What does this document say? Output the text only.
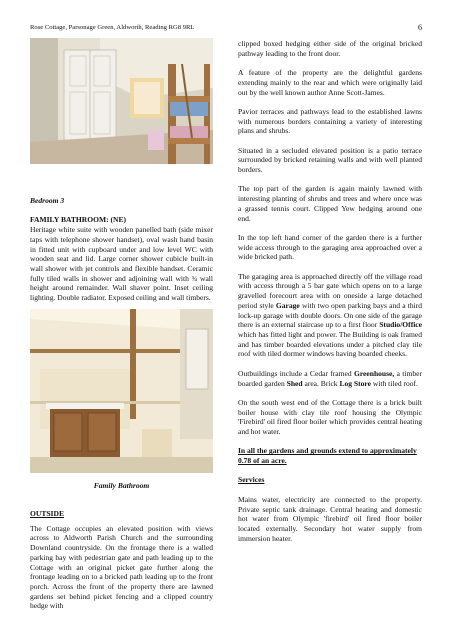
Rose Cottage, Parsonage Green, Aldworth, Reading RG8 9RL	6

Bedroom 3

FAMILY BATHROOM: (NE)

Heritage white suite with wooden panelled bath (side mixer taps with telephone shower handset), oval wash hand basin in fitted unit with cupboard under and low level WC with wooden seat and lid. Large corner shower cubicle built-in wall shower with jet controls and flexible handset. Ceramic fully tiled walls in shower and adjoining wall with ¾ wall height around remainder. Wall shaver point. Inset ceiling lighting. Double radiator. Exposed ceiling and wall timbers.

Family Bathroom

OUTSIDE

The Cottage occupies an elevated position with views across to Aldworth Parish Church and the surrounding Downland countryside. On the frontage there is a walled parking bay with pedestrian gate and path leading up to the Cottage with an original picket gate further along the frontage leading on to a bricked path leading up to the front porch. Across the front of the property there are lawned gardens set behind picket fencing and a clipped country hedge with

clipped boxed hedging either side of the original bricked pathway leading to the front door.

A feature of the property are the delightful gardens extending mainly to the rear and which were originally laid out by the well known author Anne Scott-James.

Pavior terraces and pathways lead to the established lawns with numerous borders containing a variety of interesting plans and shrubs.

Situated in a secluded elevated position is a patio terrace surrounded by bricked retaining walls and with well planted borders.

The top part of the garden is again mainly lawned with interesting planting of shrubs and trees and where once was a grassed tennis court. Clipped Yew hedging around one end.

In the top left hand corner of the garden there is a further wide access through to the garaging area approached over a wide bricked path.

The garaging area is approached directly off the village road with access through a 5 bar gate which opens on to a large gravelled forecourt area with on oneside a large detached period style Garage with two open parking bays and a third lock-up garage with double doors. On one side of the garage there is an external staircase up to a first floor Studio/Office which has fitted light and power. The Building is oak framed and has timber boarded elevations under a pitched clay tile roof with tiled dormer windows having boarded cheeks.

Outbuildings include a Cedar framed Greenhouse, a timber boarded garden Shed area. Brick Log Store with tiled roof.

On the south west end of the Cottage there is a brick built boiler house with clay tile roof housing the Olympic 'Firebird' oil fired floor boiler which provides central heating and hot water.

In all the gardens and grounds extend to approximately 0.78 of an acre.

Services

Mains water, electricity are connected to the property. Private septic tank drainage. Central heating and domestic hot water from Olympic 'firebird' oil fired floor boiler located externally. Secondary hot water supply from immersion heater.
